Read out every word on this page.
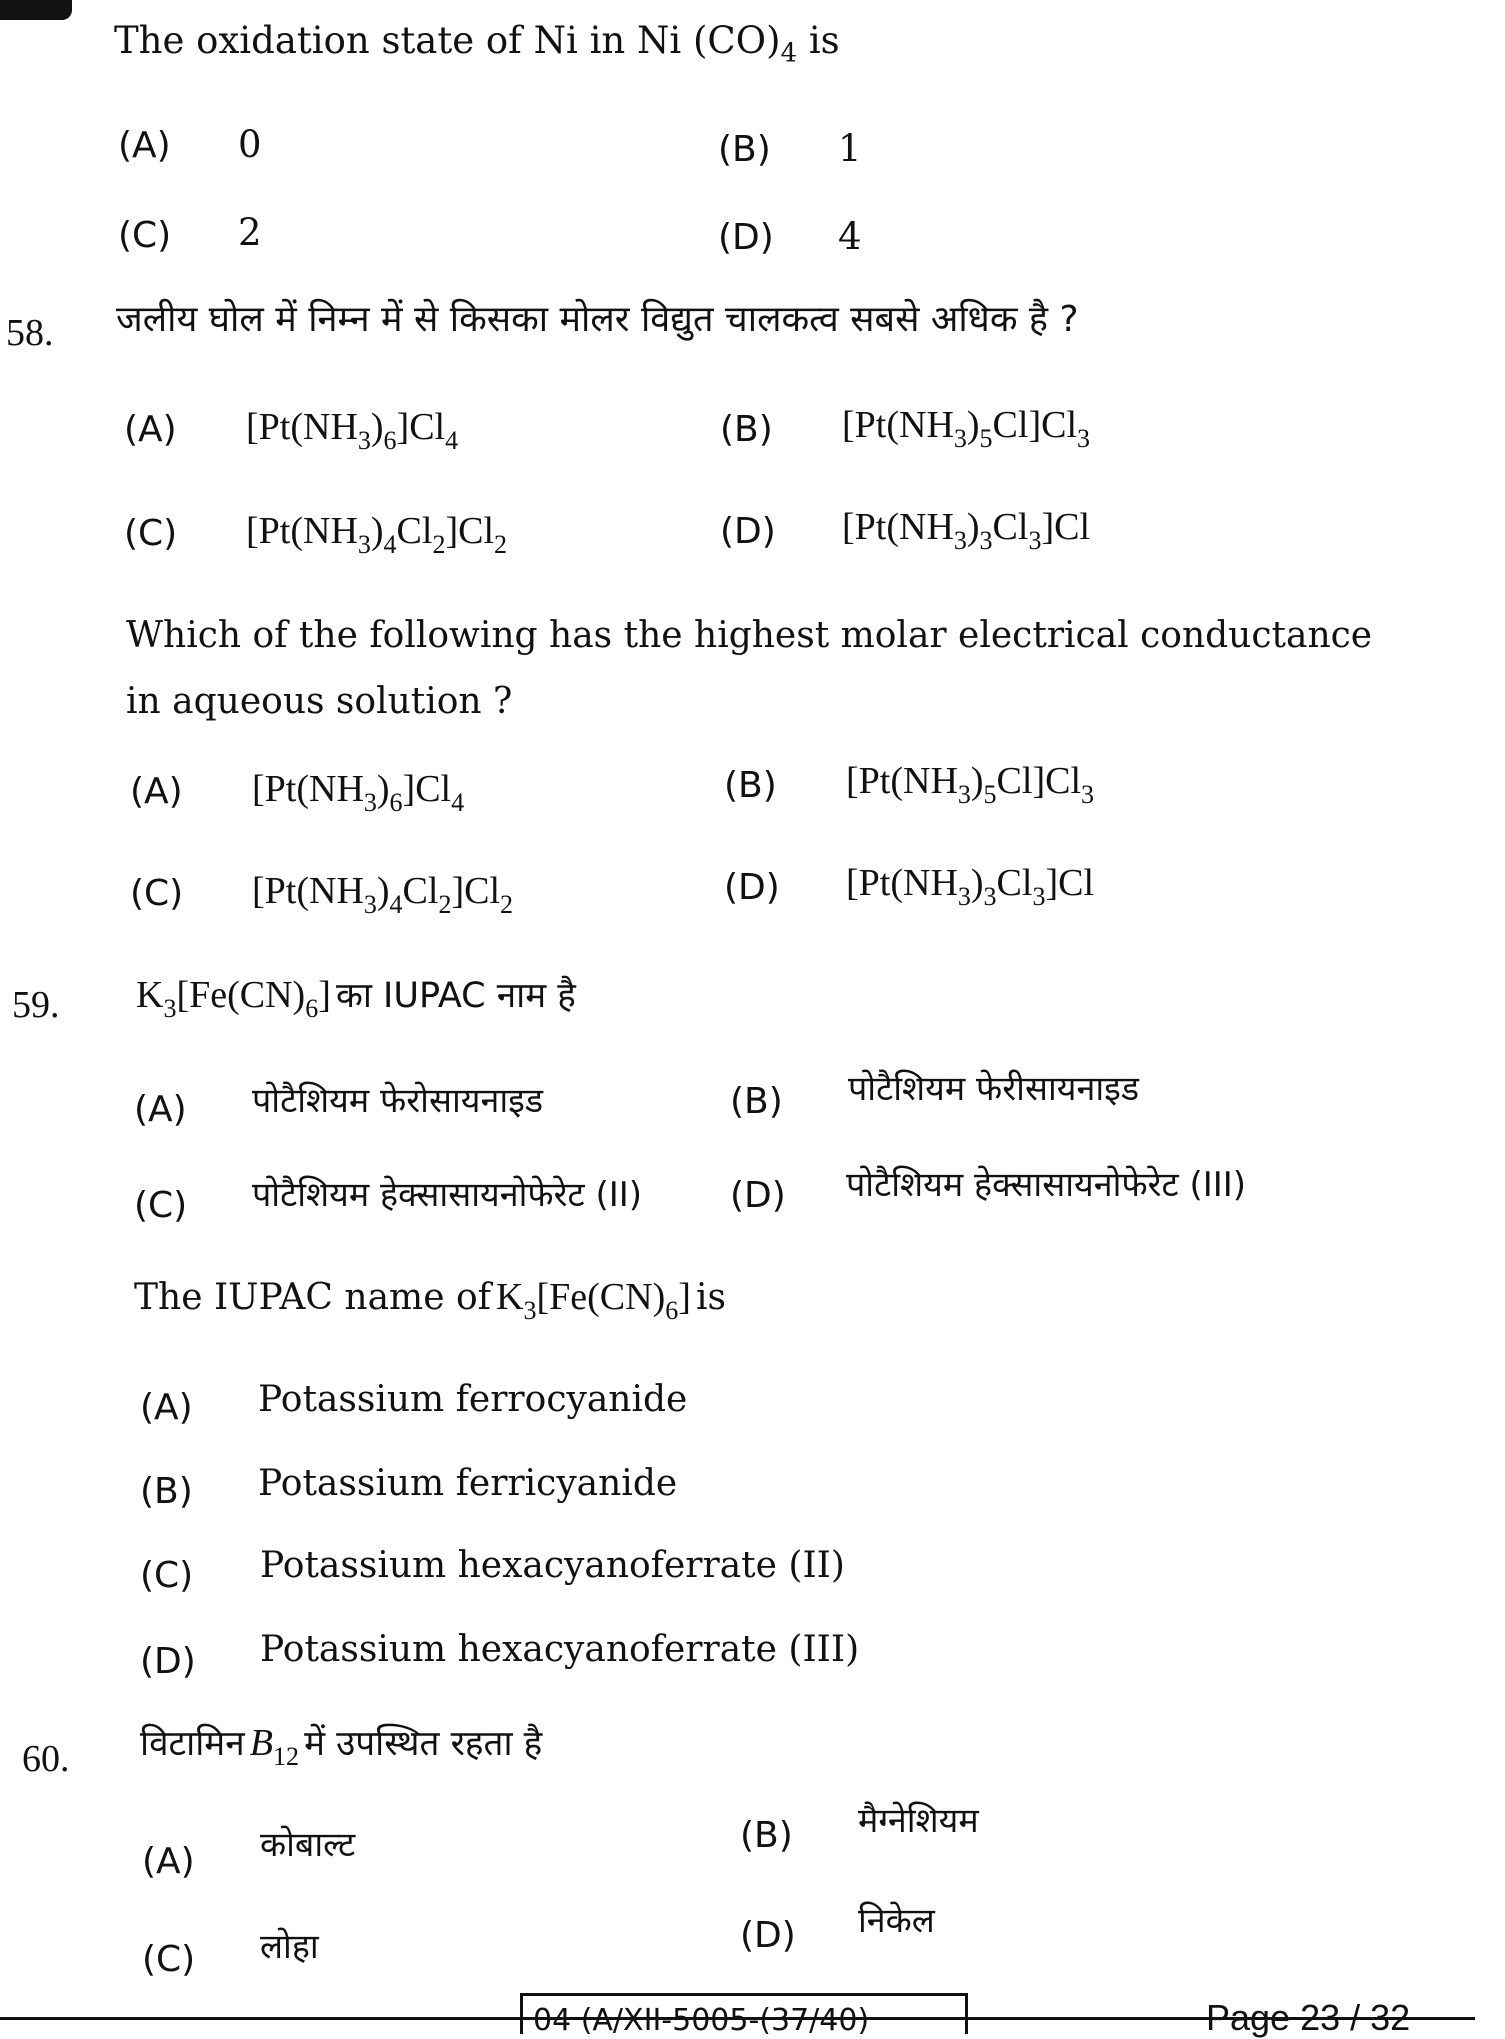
The oxidation state of Ni in Ni $(CO)_4$ is
(A) 0	(B) 1
(C) 2	(D) 4
58. जलीय घोल में निम्न में से किसका मोलर विद्युत चालकत्व सबसे अधिक है ?
(A) $[Pt(NH_3)_6]Cl_4$	(B) $[Pt(NH_3)_5Cl]Cl_3$
(C) $[Pt(NH_3)_4Cl_2]Cl_2$	(D) $[Pt(NH_3)_3Cl_3]Cl$
Which of the following has the highest molar electrical conductance
in aqueous solution ?
(A) $[Pt(NH_3)_6]Cl_4$	(B) $[Pt(NH_3)_5Cl]Cl_3$
(C) $[Pt(NH_3)_4Cl_2]Cl_2$	(D) $[Pt(NH_3)_3Cl_3]Cl$
59. $K_3[Fe(CN)_6]$ का IUPAC नाम है
(A) पोटैशियम फेरोसायनाइड	(B) पोटैशियम फेरीसायनाइड
(C) पोटैशियम हेक्सासायनोफेरेट (II) (D) पोटैशियम हेक्सासायनोफेरेट (III)
The IUPAC name of $K_3[Fe(CN)_6]$ is
(A) Potassium ferrocyanide
(B) Potassium ferricyanide
(C) Potassium hexacyanoferrate (II)
(D) Potassium hexacyanoferrate (III)
60. विटामिन $B_{12}$ में उपस्थित रहता है
(A) कोबाल्ट	(B) मैग्नेशियम
(C) लोहा	(D) निकेल
04 (A/XII-5005-(37/40)	Page 23 / 32
